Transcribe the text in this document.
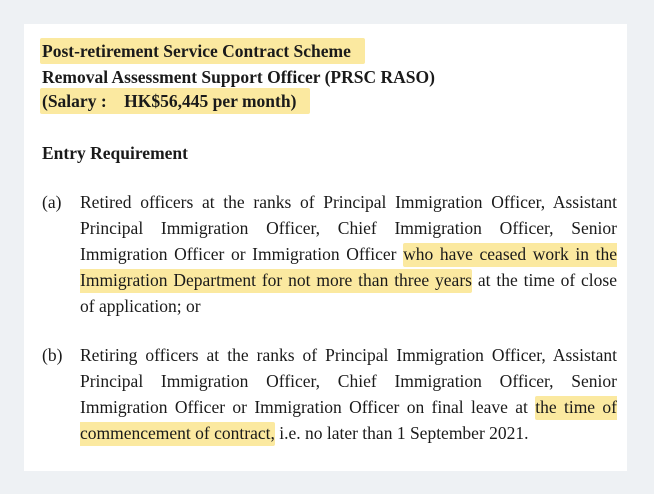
Post-retirement Service Contract Scheme
Removal Assessment Support Officer (PRSC RASO)
(Salary :    HK$56,445 per month)
Entry Requirement
(a) Retired officers at the ranks of Principal Immigration Officer, Assistant Principal Immigration Officer, Chief Immigration Officer, Senior Immigration Officer or Immigration Officer who have ceased work in the Immigration Department for not more than three years at the time of close of application; or
(b) Retiring officers at the ranks of Principal Immigration Officer, Assistant Principal Immigration Officer, Chief Immigration Officer, Senior Immigration Officer or Immigration Officer on final leave at the time of commencement of contract, i.e. no later than 1 September 2021.
